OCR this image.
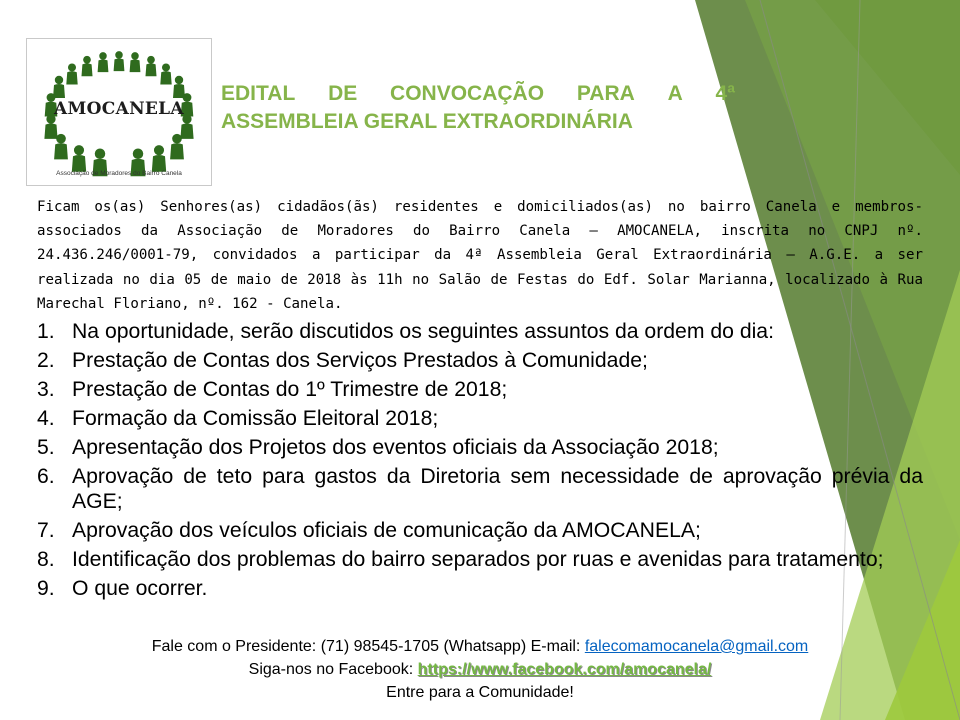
AMOCANELA
Associação de Moradores do Bairro Canela
EDITAL DE CONVOCAÇÃO PARA A 4ª
ASSEMBLEIA GERAL EXTRAORDINÁRIA
Ficam os(as) Senhores(as) cidadãos(ãs) residentes e domiciliados(as) no bairro Canela e membros-associados da Associação de Moradores do Bairro Canela – AMOCANELA, inscrita no CNPJ nº. 24.436.246/0001-79, convidados a participar da 4ª Assembleia Geral Extraordinária – A.G.E. a ser realizada no dia 05 de maio de 2018 às 11h no Salão de Festas do Edf. Solar Marianna, localizado à Rua Marechal Floriano, nº. 162 - Canela.
1. Na oportunidade, serão discutidos os seguintes assuntos da ordem do dia:
2. Prestação de Contas dos Serviços Prestados à Comunidade;
3. Prestação de Contas do 1º Trimestre de 2018;
4. Formação da Comissão Eleitoral 2018;
5. Apresentação dos Projetos dos eventos oficiais da Associação 2018;
6. Aprovação de teto para gastos da Diretoria sem necessidade de aprovação prévia da AGE;
7. Aprovação dos veículos oficiais de comunicação da AMOCANELA;
8. Identificação dos problemas do bairro separados por ruas e avenidas para tratamento;
9. O que ocorrer.
Fale com o Presidente: (71) 98545-1705 (Whatsapp) E-mail: falecomamocanela@gmail.com
Siga-nos no Facebook: https://www.facebook.com/amocanela/
Entre para a Comunidade!
